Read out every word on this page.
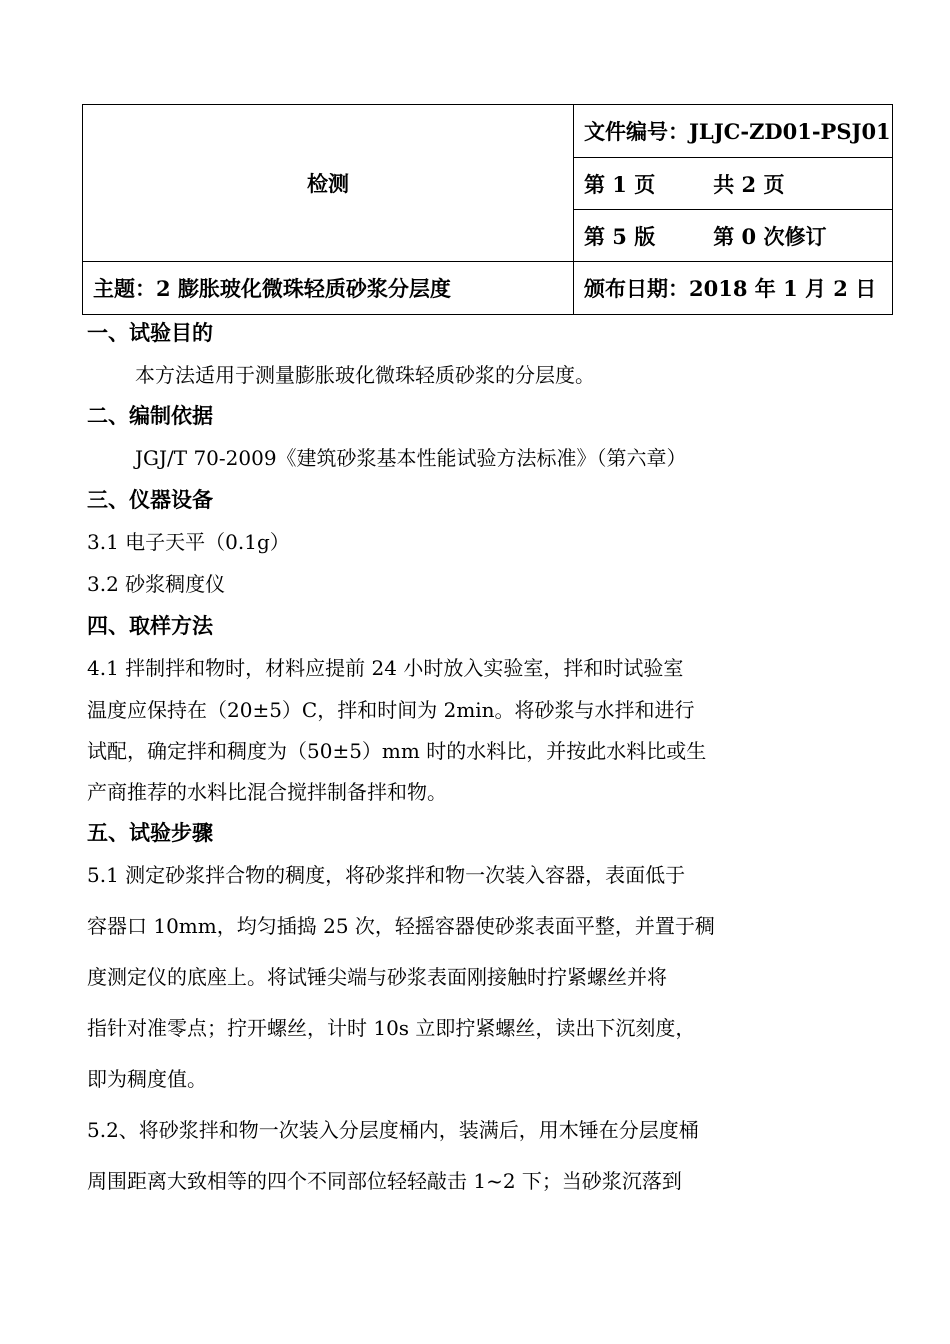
检测	文件编号：JLJC-ZD01-PSJ01
	第 1 页 共 2 页
	第 5 版 第 0 次修订
主题：2 膨胀玻化微珠轻质砂浆分层度	颁布日期：2018 年 1 月 2 日
一、试验目的
本方法适用于测量膨胀玻化微珠轻质砂浆的分层度。
二、编制依据
JGJ/T 70-2009《建筑砂浆基本性能试验方法标准》（第六章）
三、仪器设备
3.1 电子天平（0.1g）
3.2 砂浆稠度仪
四、取样方法
4.1 拌制拌和物时，材料应提前 24 小时放入实验室，拌和时试验室
温度应保持在（20±5）C，拌和时间为 2min。将砂浆与水拌和进行
试配，确定拌和稠度为（50±5）mm 时的水料比，并按此水料比或生
产商推荐的水料比混合搅拌制备拌和物。
五、试验步骤
5.1 测定砂浆拌合物的稠度，将砂浆拌和物一次装入容器，表面低于
容器口 10mm，均匀插捣 25 次，轻摇容器使砂浆表面平整，并置于稠
度测定仪的底座上。将试锤尖端与砂浆表面刚接触时拧紧螺丝并将
指针对准零点；拧开螺丝，计时 10s 立即拧紧螺丝，读出下沉刻度，
即为稠度值。
5.2、将砂浆拌和物一次装入分层度桶内，装满后，用木锤在分层度桶
周围距离大致相等的四个不同部位轻轻敲击 1~2 下；当砂浆沉落到
